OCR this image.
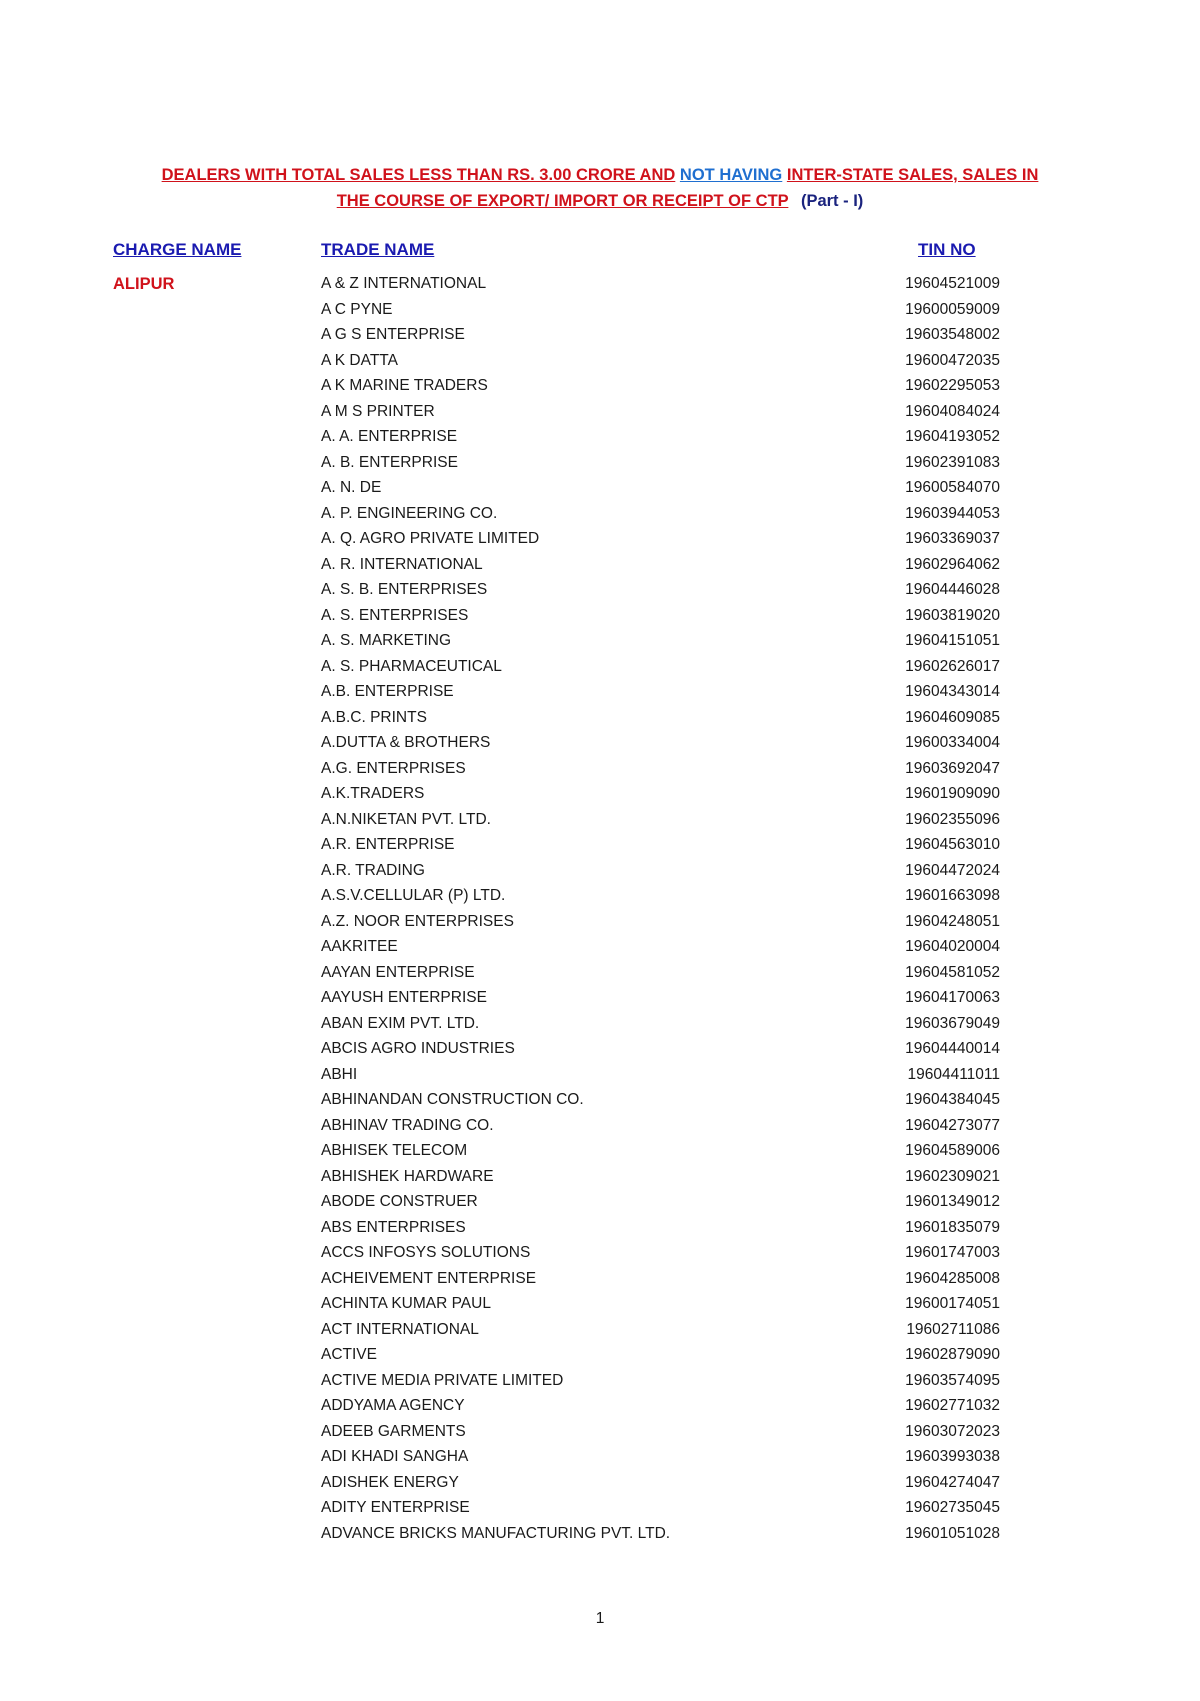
DEALERS WITH TOTAL SALES LESS THAN RS. 3.00 CRORE AND NOT HAVING INTER-STATE SALES, SALES IN
THE COURSE OF EXPORT/ IMPORT OR RECEIPT OF CTP (Part - I)
CHARGE NAME	TRADE NAME	TIN NO
ALIPUR	A & Z INTERNATIONAL	19604521009
A C PYNE	19600059009
A G S ENTERPRISE	19603548002
A K DATTA	19600472035
A K MARINE TRADERS	19602295053
A M S PRINTER	19604084024
A. A. ENTERPRISE	19604193052
A. B. ENTERPRISE	19602391083
A. N. DE	19600584070
A. P. ENGINEERING CO.	19603944053
A. Q. AGRO PRIVATE LIMITED	19603369037
A. R. INTERNATIONAL	19602964062
A. S. B. ENTERPRISES	19604446028
A. S. ENTERPRISES	19603819020
A. S. MARKETING	19604151051
A. S. PHARMACEUTICAL	19602626017
A.B. ENTERPRISE	19604343014
A.B.C. PRINTS	19604609085
A.DUTTA & BROTHERS	19600334004
A.G. ENTERPRISES	19603692047
A.K.TRADERS	19601909090
A.N.NIKETAN PVT. LTD.	19602355096
A.R. ENTERPRISE	19604563010
A.R. TRADING	19604472024
A.S.V.CELLULAR (P) LTD.	19601663098
A.Z. NOOR ENTERPRISES	19604248051
AAKRITEE	19604020004
AAYAN ENTERPRISE	19604581052
AAYUSH ENTERPRISE	19604170063
ABAN EXIM PVT. LTD.	19603679049
ABCIS AGRO INDUSTRIES	19604440014
ABHI	19604411011
ABHINANDAN CONSTRUCTION CO.	19604384045
ABHINAV TRADING CO.	19604273077
ABHISEK TELECOM	19604589006
ABHISHEK HARDWARE	19602309021
ABODE CONSTRUER	19601349012
ABS ENTERPRISES	19601835079
ACCS INFOSYS SOLUTIONS	19601747003
ACHEIVEMENT ENTERPRISE	19604285008
ACHINTA KUMAR PAUL	19600174051
ACT INTERNATIONAL	19602711086
ACTIVE	19602879090
ACTIVE MEDIA PRIVATE LIMITED	19603574095
ADDYAMA AGENCY	19602771032
ADEEB GARMENTS	19603072023
ADI KHADI SANGHA	19603993038
ADISHEK ENERGY	19604274047
ADITY ENTERPRISE	19602735045
ADVANCE BRICKS MANUFACTURING PVT. LTD.	19601051028
1
